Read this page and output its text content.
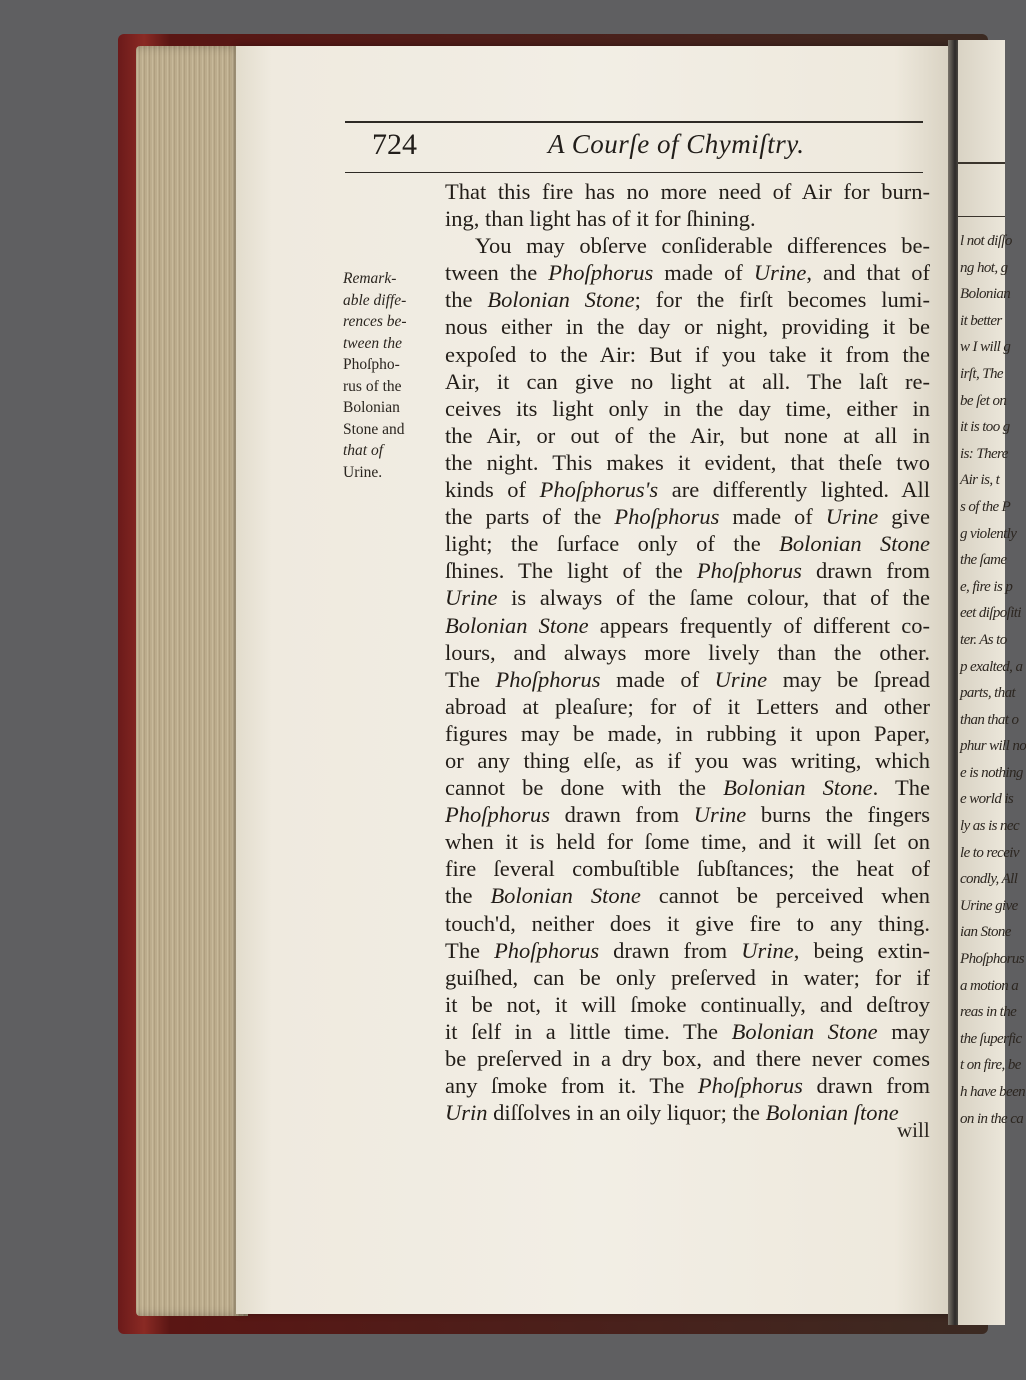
l not diſſo
ng hot, g
Bolonian
it better
w I will g
irſt, The
be ſet on
it is too g
is: There
Air is, t
s of the P
g violently
the ſame
e, fire is p
eet diſpoſiti
ter. As to
p exalted, a
parts, that
than that o
phur will no
e is nothing
e world is
ly as is nec
le to receiv
condly, All
Urine give
ian Stone
Phoſphorus
a motion a
reas in the
the ſuperfic
t on fire, be
h have been
on in the ca
724	A Courſe of Chymiſtry.
Remark-
able diffe-
rences be-
tween the
Phoſpho-
rus of the
Bolonian
Stone and
that of
Urine.
That this fire has no more need of Air for burn-
ing, than light has of it for ſhining.
You may obſerve conſiderable differences be-
tween the Phoſphorus made of Urine, and that of
the Bolonian Stone; for the firſt becomes lumi-
nous either in the day or night, providing it be
expoſed to the Air: But if you take it from the
Air, it can give no light at all. The laſt re-
ceives its light only in the day time, either in
the Air, or out of the Air, but none at all in
the night. This makes it evident, that theſe two
kinds of Phoſphorus's are differently lighted. All
the parts of the Phoſphorus made of Urine give
light; the ſurface only of the Bolonian Stone
ſhines. The light of the Phoſphorus drawn from
Urine is always of the ſame colour, that of the
Bolonian Stone appears frequently of different co-
lours, and always more lively than the other.
The Phoſphorus made of Urine may be ſpread
abroad at pleaſure; for of it Letters and other
figures may be made, in rubbing it upon Paper,
or any thing elſe, as if you was writing, which
cannot be done with the Bolonian Stone. The
Phoſphorus drawn from Urine burns the fingers
when it is held for ſome time, and it will ſet on
fire ſeveral combuſtible ſubſtances; the heat of
the Bolonian Stone cannot be perceived when
touch'd, neither does it give fire to any thing.
The Phoſphorus drawn from Urine, being extin-
guiſhed, can be only preſerved in water; for if
it be not, it will ſmoke continually, and deſtroy
it ſelf in a little time. The Bolonian Stone may
be preſerved in a dry box, and there never comes
any ſmoke from it. The Phoſphorus drawn from
Urin diſſolves in an oily liquor; the Bolonian ſtone
will
